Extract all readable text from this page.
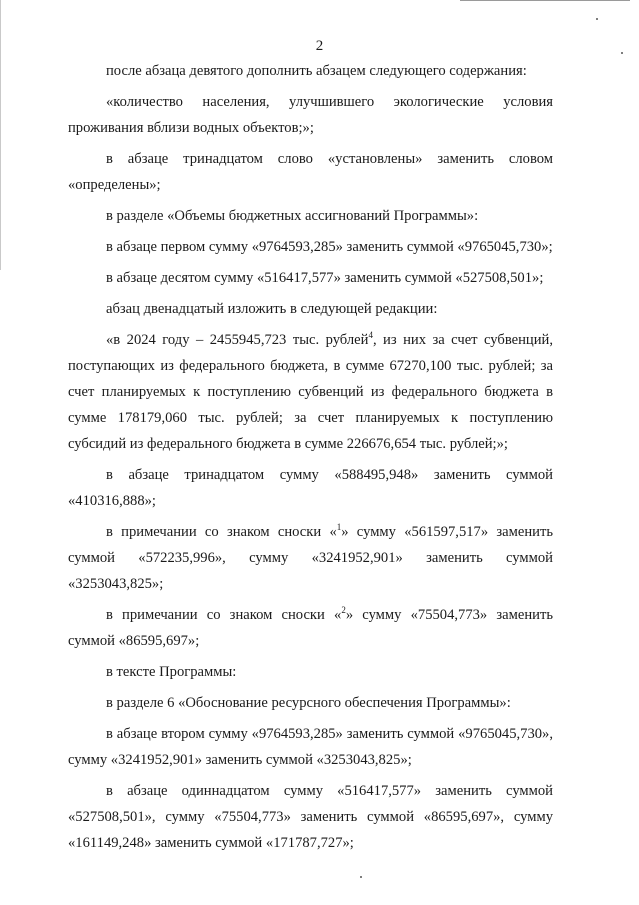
2

после абзаца девятого дополнить абзацем следующего содержания:

«количество населения, улучшившего экологические условия проживания вблизи водных объектов;»;

в абзаце тринадцатом слово «установлены» заменить словом «определены»;

в разделе «Объемы бюджетных ассигнований Программы»:

в абзаце первом сумму «9764593,285» заменить суммой «9765045,730»;

в абзаце десятом сумму «516417,577» заменить суммой «527508,501»;

абзац двенадцатый изложить в следующей редакции:

«в 2024 году – 2455945,723 тыс. рублей$^4$, из них за счет субвенций, поступающих из федерального бюджета, в сумме 67270,100 тыс. рублей; за счет планируемых к поступлению субвенций из федерального бюджета в сумме 178179,060 тыс. рублей; за счет планируемых к поступлению субсидий из федерального бюджета в сумме 226676,654 тыс. рублей;»;

в абзаце тринадцатом сумму «588495,948» заменить суммой «410316,888»;

в примечании со знаком сноски «$^1$» сумму «561597,517» заменить суммой «572235,996», сумму «3241952,901» заменить суммой «3253043,825»;

в примечании со знаком сноски «$^2$» сумму «75504,773» заменить суммой «86595,697»;

в тексте Программы:

в разделе 6 «Обоснование ресурсного обеспечения Программы»:

в абзаце втором сумму «9764593,285» заменить суммой «9765045,730», сумму «3241952,901» заменить суммой «3253043,825»;

в абзаце одиннадцатом сумму «516417,577» заменить суммой «527508,501», сумму «75504,773» заменить суммой «86595,697», сумму «161149,248» заменить суммой «171787,727»;
